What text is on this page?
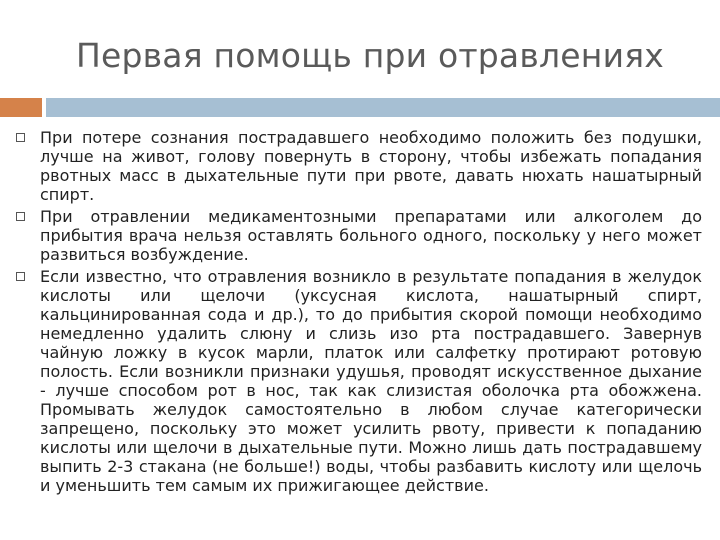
Первая помощь при отравлениях
При потере сознания пострадавшего необходимо положить без подушки, лучше на живот, голову повернуть в сторону, чтобы избежать попадания рвотных масс в дыхательные пути при рвоте, давать нюхать нашатырный спирт.
При отравлении медикаментозными препаратами или алкоголем до прибытия врача нельзя оставлять больного одного, поскольку у него может развиться возбуждение.
Если известно, что отравления возникло в результате попадания в желудок кислоты или щелочи (уксусная кислота, нашатырный спирт, кальцинированная сода и др.), то до прибытия скорой помощи необходимо немедленно удалить слюну и слизь изо рта пострадавшего. Завернув чайную ложку в кусок марли, платок или салфетку протирают ротовую полость. Если возникли признаки удушья, проводят искусственное дыхание - лучше способом рот в нос, так как слизистая оболочка рта обожжена. Промывать желудок самостоятельно в любом случае категорически запрещено, поскольку это может усилить рвоту, привести к попаданию кислоты или щелочи в дыхательные пути. Можно лишь дать пострадавшему выпить 2-3 стакана (не больше!) воды, чтобы разбавить кислоту или щелочь и уменьшить тем самым их прижигающее действие.
